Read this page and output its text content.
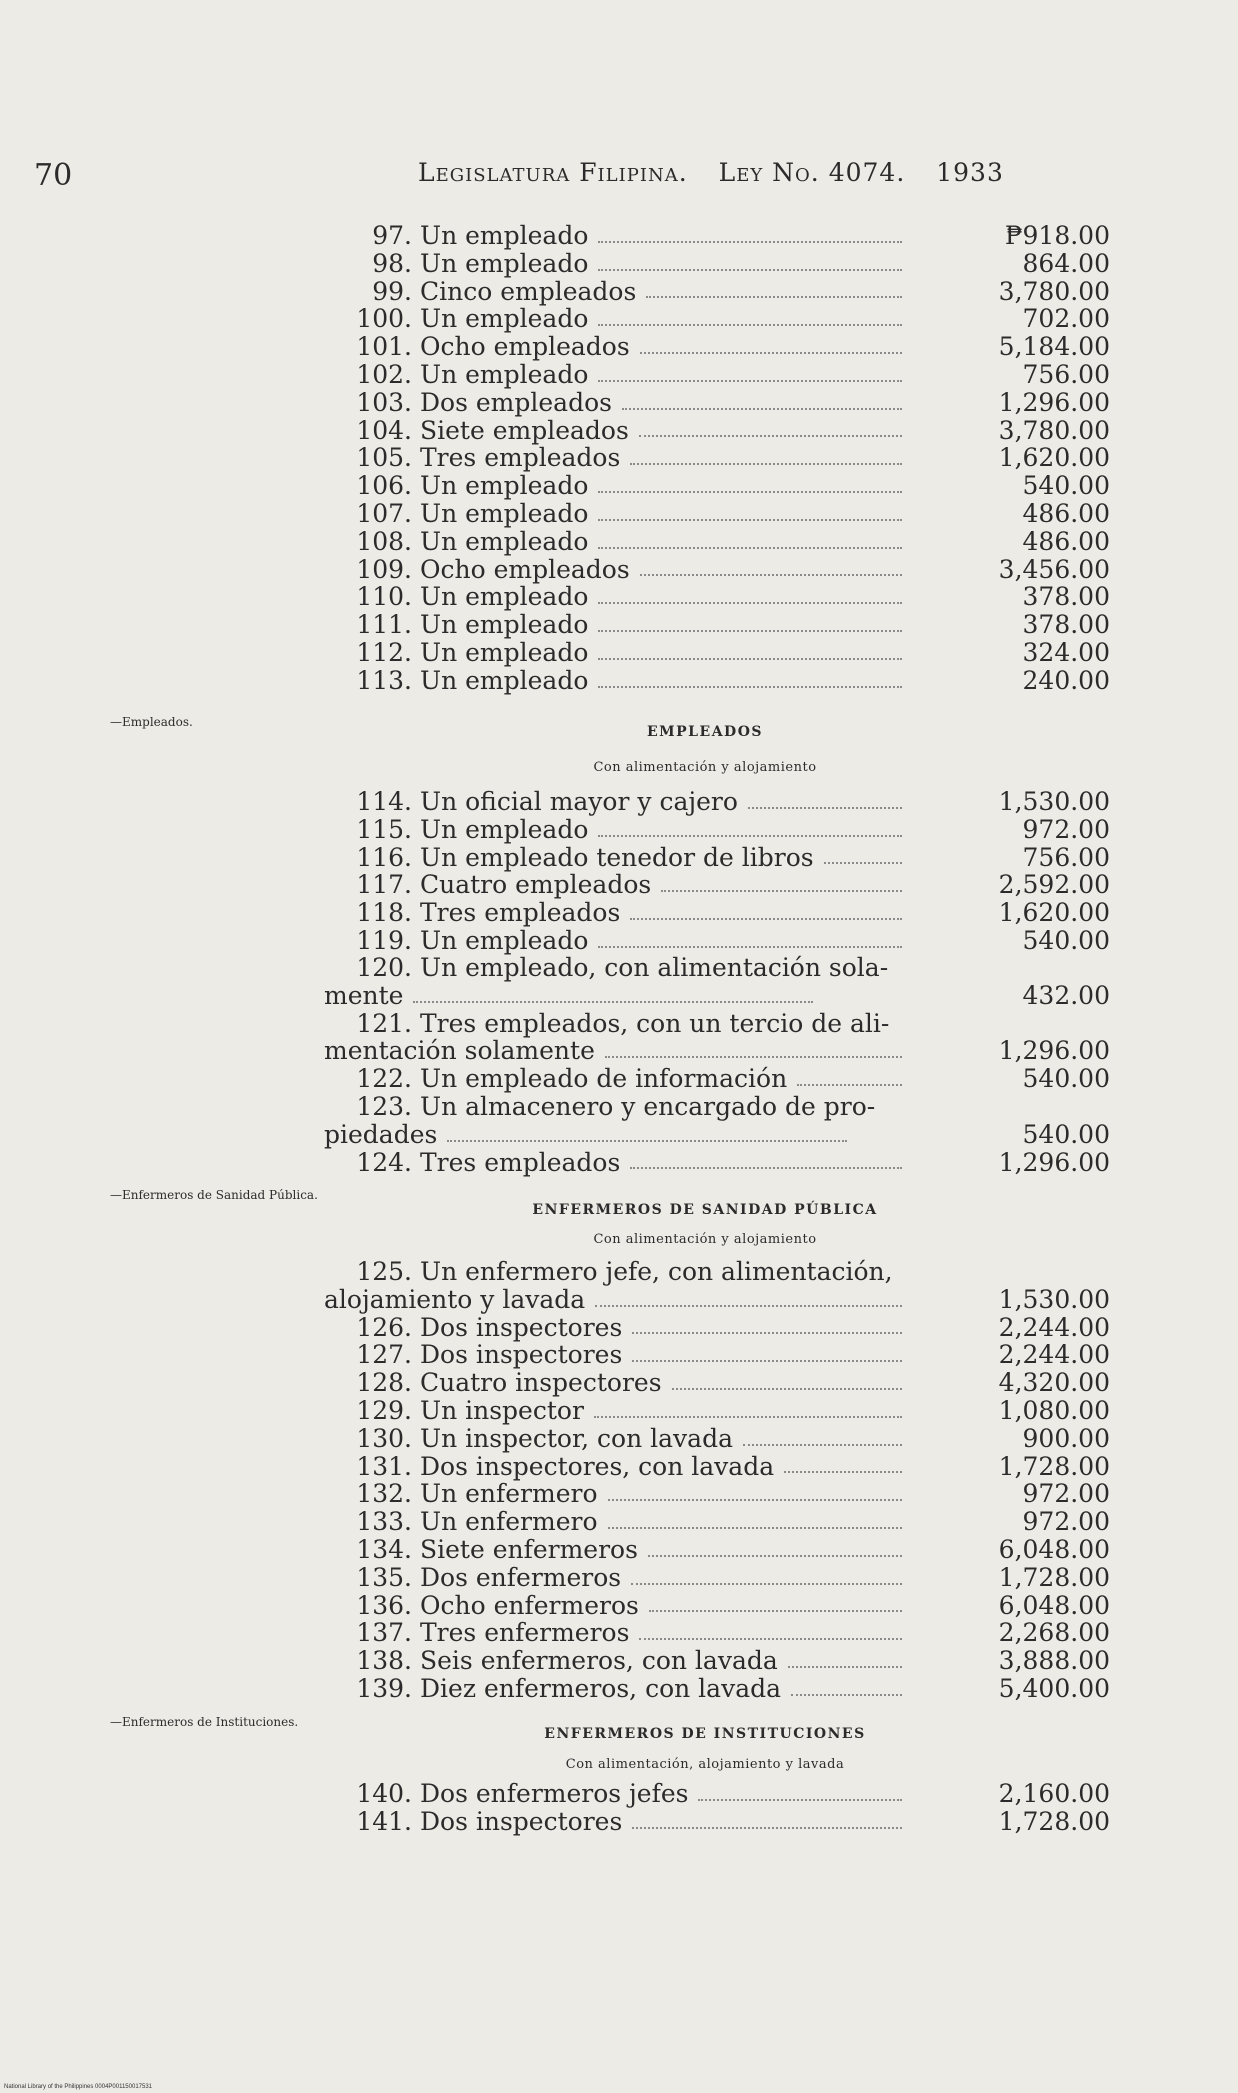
70	Legislatura Filipina. Ley No. 4074. 1933
97. Un empleado	₱918.00
98. Un empleado	864.00
99. Cinco empleados	3,780.00
100. Un empleado	702.00
101. Ocho empleados	5,184.00
102. Un empleado	756.00
103. Dos empleados	1,296.00
104. Siete empleados	3,780.00
105. Tres empleados	1,620.00
106. Un empleado	540.00
107. Un empleado	486.00
108. Un empleado	486.00
109. Ocho empleados	3,456.00
110. Un empleado	378.00
111. Un empleado	378.00
112. Un empleado	324.00
113. Un empleado	240.00
—Empleados.
EMPLEADOS
Con alimentación y alojamiento
114. Un oficial mayor y cajero	1,530.00
115. Un empleado	972.00
116. Un empleado tenedor de libros	756.00
117. Cuatro empleados	2,592.00
118. Tres empleados	1,620.00
119. Un empleado	540.00
120. Un empleado, con alimentación sola-
mente	432.00
121. Tres empleados, con un tercio de ali-
mentación solamente	1,296.00
122. Un empleado de información	540.00
123. Un almacenero y encargado de pro-
piedades	540.00
124. Tres empleados	1,296.00
—Enfermeros de Sanidad Pública.
ENFERMEROS DE SANIDAD PÚBLICA
Con alimentación y alojamiento
125. Un enfermero jefe, con alimentación,
alojamiento y lavada	1,530.00
126. Dos inspectores	2,244.00
127. Dos inspectores	2,244.00
128. Cuatro inspectores	4,320.00
129. Un inspector	1,080.00
130. Un inspector, con lavada	900.00
131. Dos inspectores, con lavada	1,728.00
132. Un enfermero	972.00
133. Un enfermero	972.00
134. Siete enfermeros	6,048.00
135. Dos enfermeros	1,728.00
136. Ocho enfermeros	6,048.00
137. Tres enfermeros	2,268.00
138. Seis enfermeros, con lavada	3,888.00
139. Diez enfermeros, con lavada	5,400.00
—Enfermeros de Instituciones.
ENFERMEROS DE INSTITUCIONES
Con alimentación, alojamiento y lavada
140. Dos enfermeros jefes	2,160.00
141. Dos inspectores	1,728.00
National Library of the Philippines 0004P001150017531
